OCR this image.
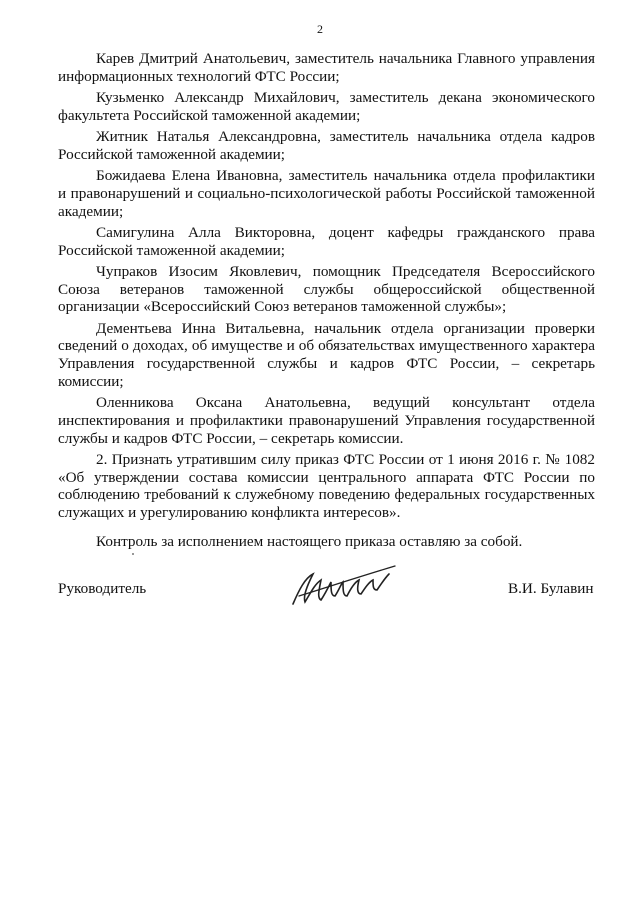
2
Карев Дмитрий Анатольевич, заместитель начальника Главного управления
информационных технологий ФТС России;
Кузьменко Александр Михайлович, заместитель декана экономического
факультета Российской таможенной академии;
Житник Наталья Александровна, заместитель начальника отдела кадров
Российской таможенной академии;
Божидаева Елена Ивановна, заместитель начальника отдела профилактики
и правонарушений и социально-психологической работы Российской таможенной
академии;
Самигулина Алла Викторовна, доцент кафедры гражданского права
Российской таможенной академии;
Чупраков Изосим Яковлевич, помощник Председателя Всероссийского
Союза ветеранов таможенной службы общероссийской общественной
организации «Всероссийский Союз ветеранов таможенной службы»;
Дементьева Инна Витальевна, начальник отдела организации проверки
сведений о доходах, об имуществе и об обязательствах имущественного характера
Управления государственной службы и кадров ФТС России, – секретарь
комиссии;
Оленникова Оксана Анатольевна, ведущий консультант отдела
инспектирования и профилактики правонарушений Управления государственной
службы и кадров ФТС России, – секретарь комиссии.
2. Признать утратившим силу приказ ФТС России от 1 июня 2016 г. № 1082
«Об утверждении состава комиссии центрального аппарата ФТС России по
соблюдению требований к служебному поведению федеральных государственных
служащих и урегулированию конфликта интересов».
Контроль за исполнением настоящего приказа оставляю за собой.
Руководитель	В.И. Булавин
